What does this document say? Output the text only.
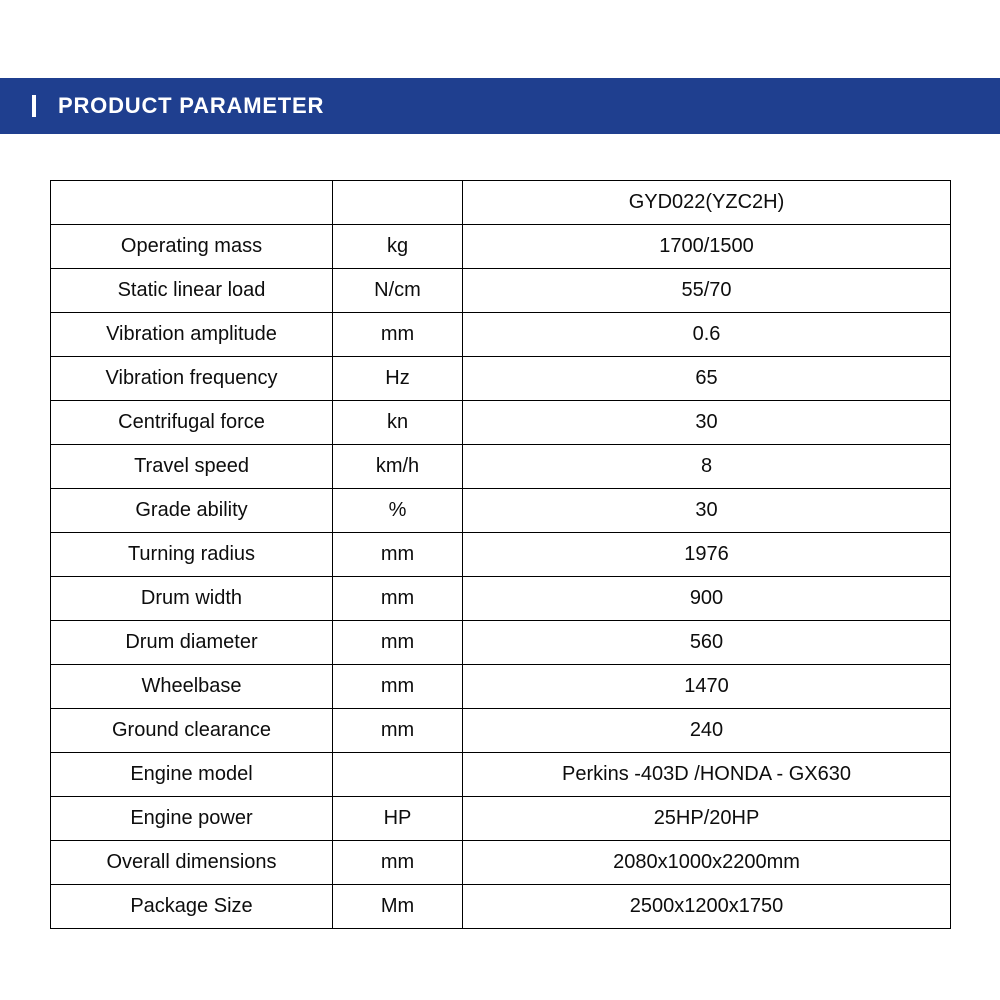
PRODUCT PARAMETER
		GYD022(YZC2H)
Operating mass	kg	1700/1500
Static linear load	N/cm	55/70
Vibration amplitude	mm	0.6
Vibration frequency	Hz	65
Centrifugal force	kn	30
Travel speed	km/h	8
Grade ability	%	30
Turning radius	mm	1976
Drum width	mm	900
Drum diameter	mm	560
Wheelbase	mm	1470
Ground clearance	mm	240
Engine model		Perkins -403D /HONDA - GX630
Engine power	HP	25HP/20HP
Overall dimensions	mm	2080x1000x2200mm
Package Size	Mm	2500x1200x1750
